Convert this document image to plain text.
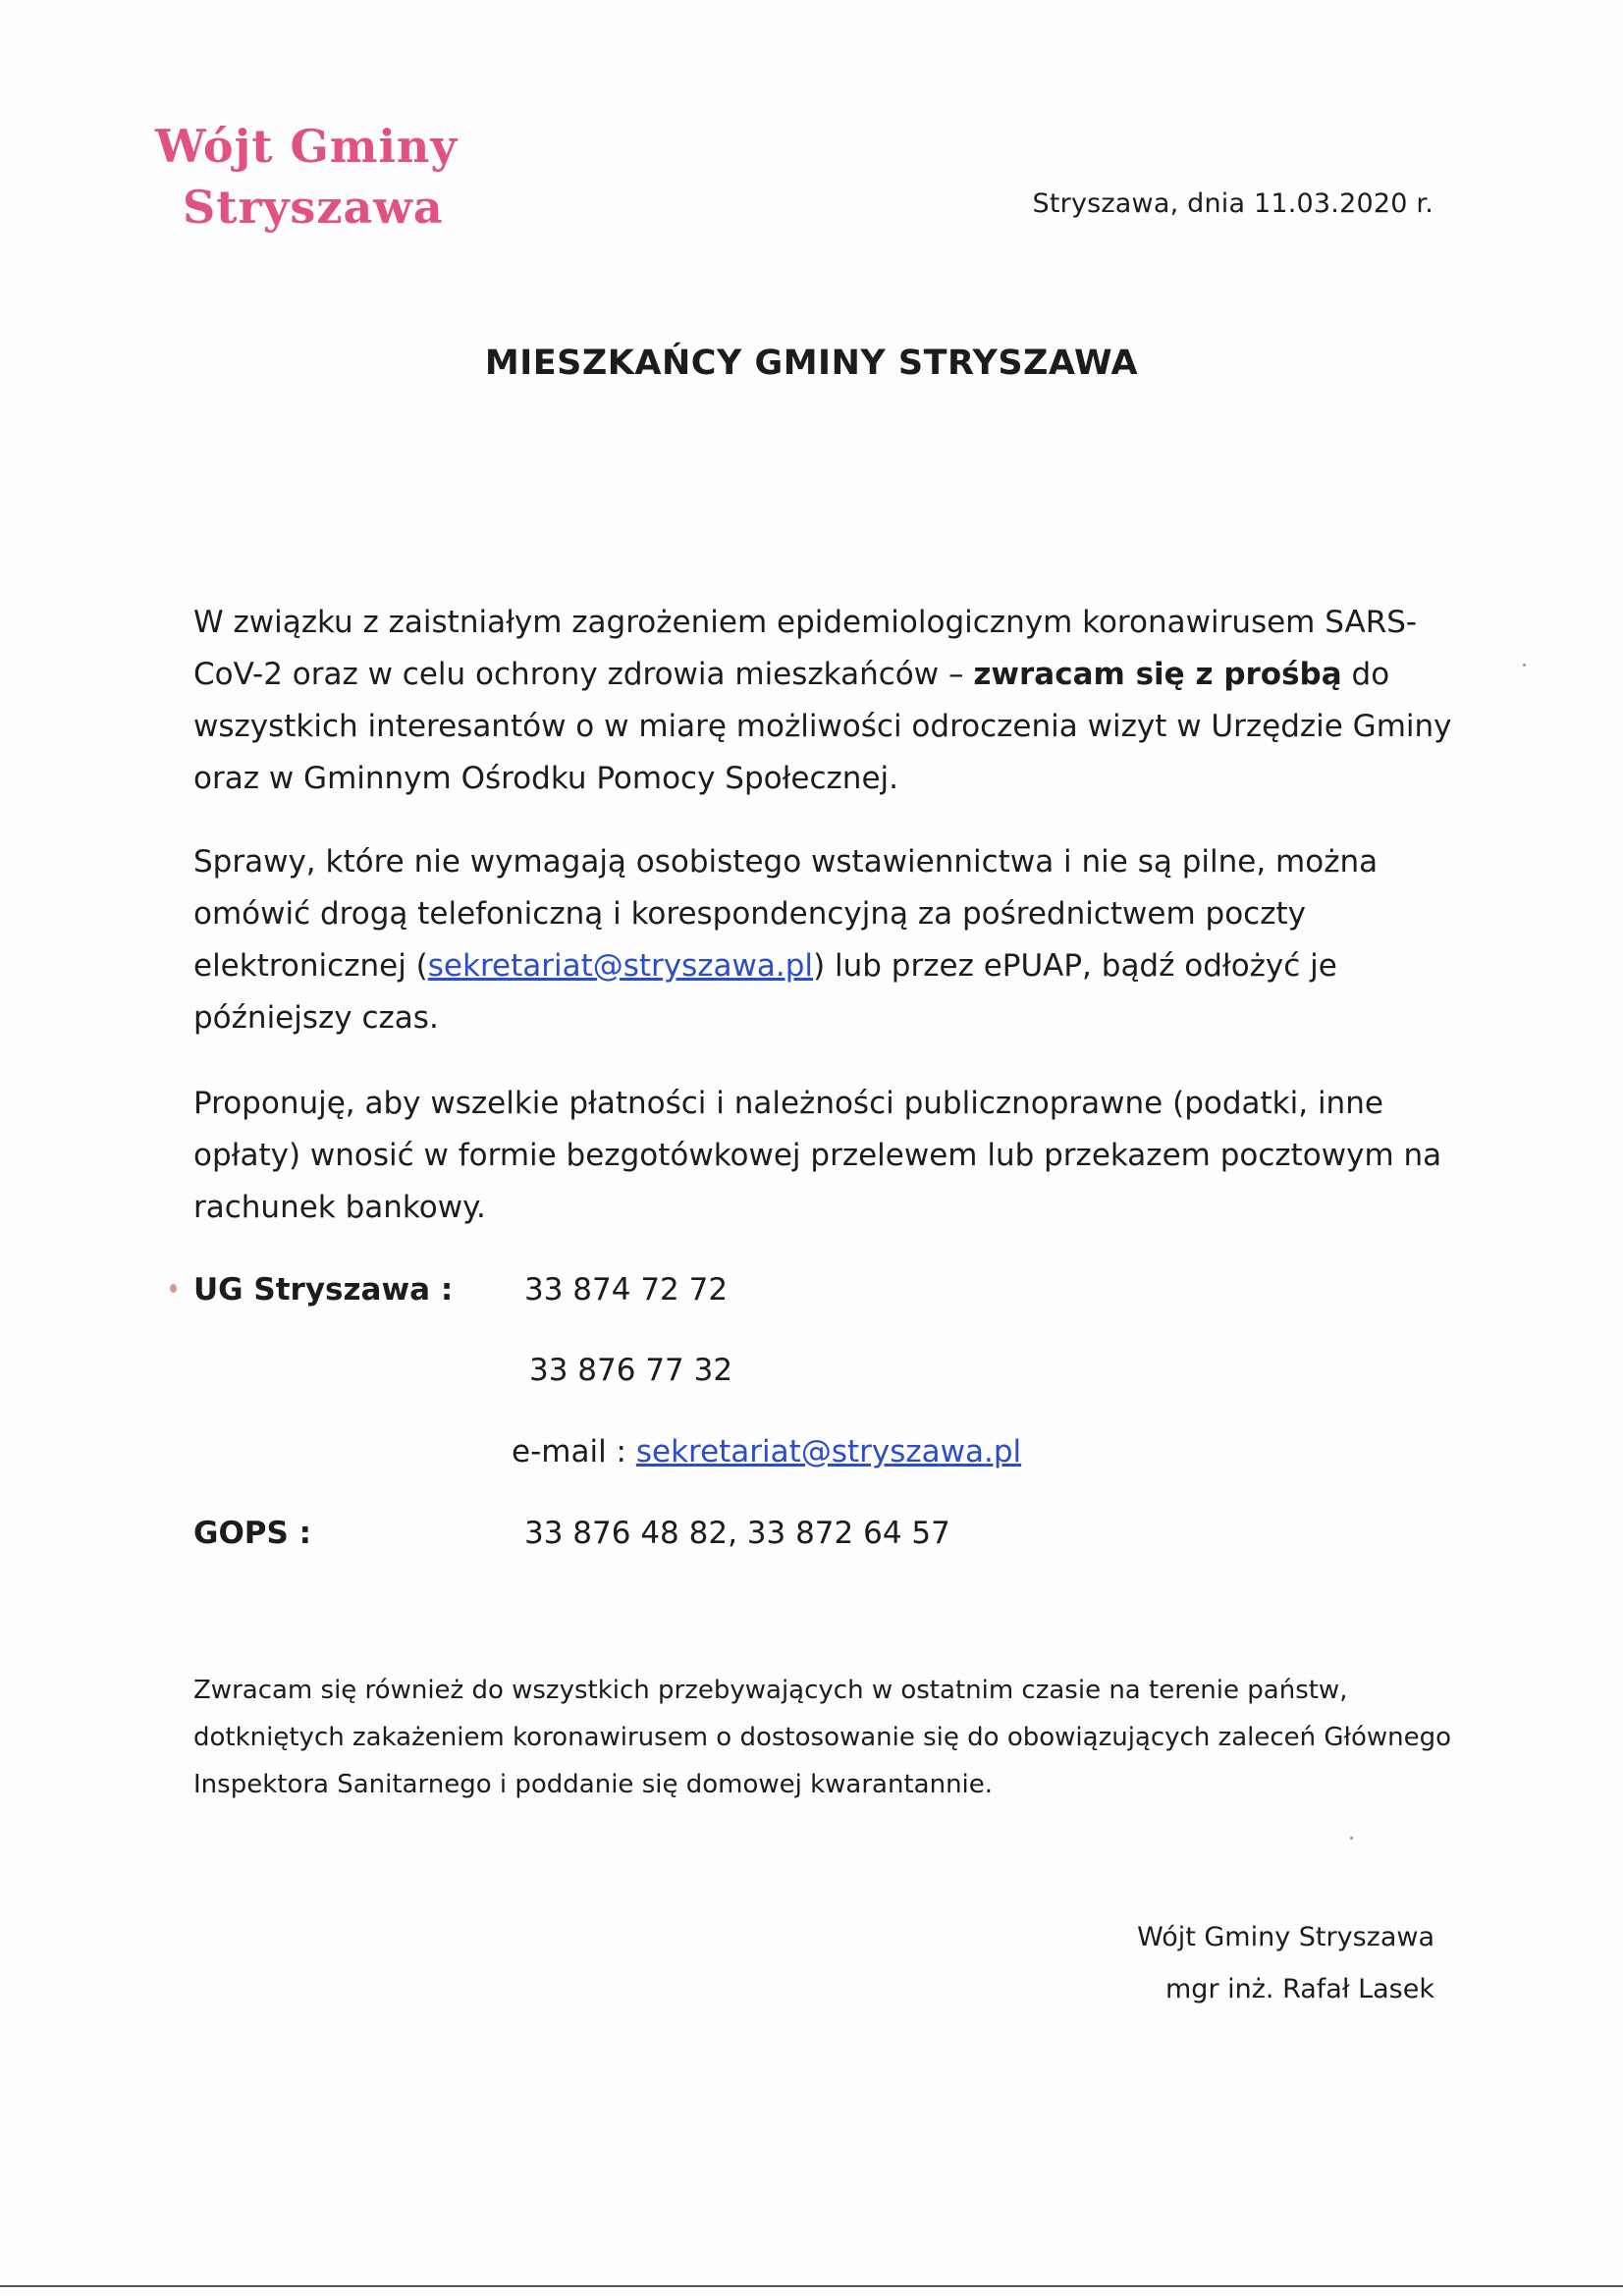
Wójt Gminy
Stryszawa	Stryszawa, dnia 11.03.2020 r.
MIESZKAŃCY GMINY STRYSZAWA
W związku z zaistniałym zagrożeniem epidemiologicznym koronawirusem SARS-CoV-2 oraz w celu ochrony zdrowia mieszkańców – zwracam się z prośbą do wszystkich interesantów o w miarę możliwości odroczenia wizyt w Urzędzie Gminy oraz w Gminnym Ośrodku Pomocy Społecznej.
Sprawy, które nie wymagają osobistego wstawiennictwa i nie są pilne, można omówić drogą telefoniczną i korespondencyjną za pośrednictwem poczty elektronicznej (sekretariat@stryszawa.pl) lub przez ePUAP, bądź odłożyć je późniejszy czas.
Proponuję, aby wszelkie płatności i należności publicznoprawne (podatki, inne opłaty) wnosić w formie bezgotówkowej przelewem lub przekazem pocztowym na rachunek bankowy.
UG Stryszawa : 33 874 72 72
33 876 77 32
e-mail : sekretariat@stryszawa.pl
GOPS :	33 876 48 82, 33 872 64 57
Zwracam się również do wszystkich przebywających w ostatnim czasie na terenie państw, dotkniętych zakażeniem koronawirusem o dostosowanie się do obowiązujących zaleceń Głównego Inspektora Sanitarnego i poddanie się domowej kwarantannie.
Wójt Gminy Stryszawa
mgr inż. Rafał Lasek
